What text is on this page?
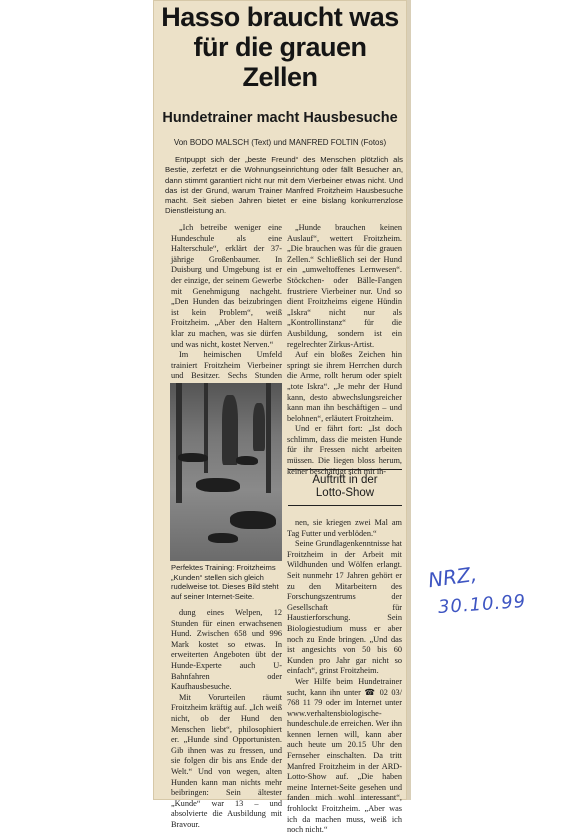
Hasso braucht was für die grauen Zellen
Hundetrainer macht Hausbesuche

Von BODO MALSCH (Text) und MANFRED FOLTIN (Fotos)

Entpuppt sich der „beste Freund“ des Menschen plötzlich als Bestie, zerfetzt er die Wohnungseinrichtung oder fällt Besucher an, dann stimmt garantiert nicht nur mit dem Vierbeiner etwas nicht. Und das ist der Grund, warum Trainer Manfred Froitzheim Hausbesuche macht. Seit sieben Jahren bietet er eine bislang konkurrenzlose Dienstleistung an.

„Ich betreibe weniger eine Hundeschule als eine Halterschule“, erklärt der 37-jährige Großenbaumer. In Duisburg und Umgebung ist er der einzige, der seinem Gewerbe mit Genehmigung nachgeht. „Den Hunden das beizubringen ist kein Problem“, weiß Froitzheim. „Aber den Haltern klar zu machen, was sie dürfen und was nicht, kostet Nerven.“

Im heimischen Umfeld trainiert Froitzheim Vierbeiner und Besitzer. Sechs Stunden

Perfektes Training: Froitzheims „Kunden“ stellen sich gleich rudelweise tot. Dieses Bild steht auf seiner Internet-Seite.

dung eines Welpen, 12 Stunden für einen erwachsenen Hund. Zwischen 658 und 996 Mark kostet so etwas. In erweiterten Angeboten übt der Hunde-Experte auch U-Bahnfahren oder Kaufhausbesuche.

Mit Vorurteilen räumt Froitzheim kräftig auf. „Ich weiß nicht, ob der Hund den Menschen liebt“, philosophiert er. „Hunde sind Opportunisten. Gib ihnen was zu fressen, und sie folgen dir bis ans Ende der Welt.“ Und von wegen, alten Hunden kann man nichts mehr beibringen: Sein ältester „Kunde“ war 13 – und absolvierte die Ausbildung mit Bravour.

„Hunde brauchen keinen Auslauf“, wettert Froitzheim. „Die brauchen was für die grauen Zellen.“ Schließlich sei der Hund ein „umweltoffenes Lernwesen“. Stöckchen- oder Bälle-Fangen frustriere Vierbeiner nur. Und so dient Froitzheims eigene Hündin „Iskra“ nicht nur als „Kontrollinstanz“ für die Ausbildung, sondern ist ein regelrechter Zirkus-Artist.

Auf ein bloßes Zeichen hin springt sie ihrem Herrchen durch die Arme, rollt herum oder spielt „tote Iskra“. „Je mehr der Hund kann, desto abwechslungsreicher kann man ihn beschäftigen – und belohnen“, erläutert Froitzheim.

Und er fährt fort: „Ist doch schlimm, dass die meisten Hunde für ihr Fressen nicht arbeiten müssen. Die liegen bloss herum, keiner beschäftigt sich mit ih-

Auftritt in der
Lotto-Show

nen, sie kriegen zwei Mal am Tag Futter und verblöden.“

Seine Grundlagenkenntnisse hat Froitzheim in der Arbeit mit Wildhunden und Wölfen erlangt. Seit nunmehr 17 Jahren gehört er zu den Mitarbeitern des Forschungszentrums der Gesellschaft für Haustierforschung. Sein Biologiestudium muss er aber noch zu Ende bringen. „Und das ist angesichts von 50 bis 60 Kunden pro Jahr gar nicht so einfach“, grinst Froitzheim.

Wer Hilfe beim Hundetrainer sucht, kann ihn unter ☎ 02 03/ 768 11 79 oder im Internet unter www.verhaltensbiologische-hundeschule.de erreichen. Wer ihn kennen lernen will, kann aber auch heute um 20.15 Uhr den Fernseher einschalten. Da tritt Manfred Froitzheim in der ARD-Lotto-Show auf. „Die haben meine Internet-Seite gesehen und fanden mich wohl interessant“, frohlockt Froitzheim. „Aber was ich da machen muss, weiß ich noch nicht.“

NRZ,
30.10.99
